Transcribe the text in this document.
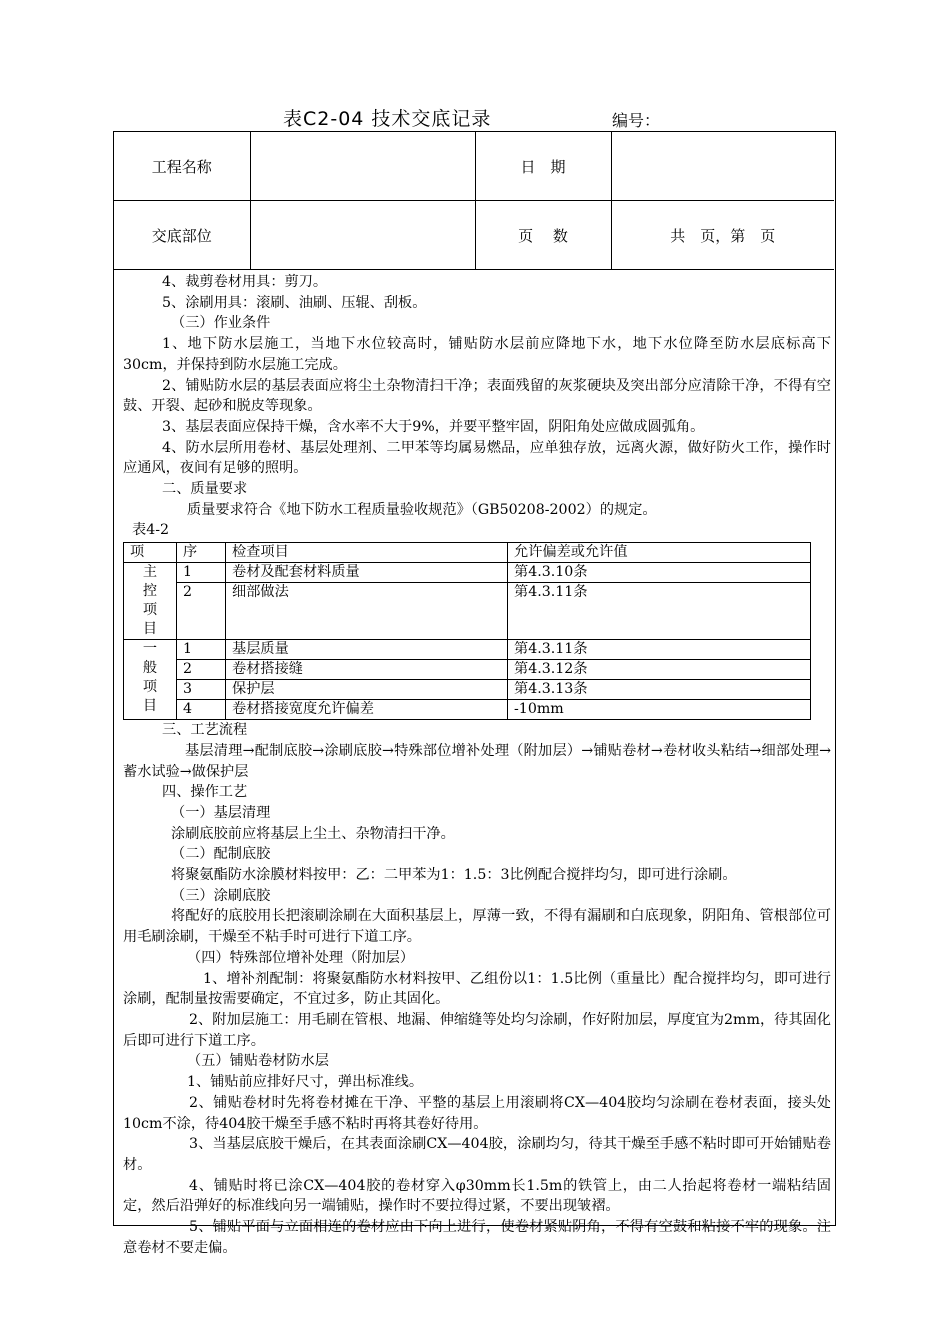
表C2-04 技术交底记录	编号：
工程名称		日　期	
交底部位		页　 数	共　页，第　页

4、裁剪卷材用具：剪刀。

5、涂刷用具：滚刷、油刷、压辊、刮板。

（三）作业条件

1、地下防水层施工，当地下水位较高时，铺贴防水层前应降地下水，地下水位降至防水层底标高下30cm，并保持到防水层施工完成。

2、铺贴防水层的基层表面应将尘土杂物清扫干净；表面残留的灰浆硬块及突出部分应清除干净，不得有空鼓、开裂、起砂和脱皮等现象。

3、基层表面应保持干燥，含水率不大于9%，并要平整牢固，阴阳角处应做成圆弧角。

4、防水层所用卷材、基层处理剂、二甲苯等均属易燃品，应单独存放，远离火源，做好防火工作，操作时应通风，夜间有足够的照明。

二、质量要求

质量要求符合《地下防水工程质量验收规范》（GB50208-2002）的规定。

表4-2

项	序	检查项目	允许偏差或允许值

主控项目	1	卷材及配套材料质量	第4.3.10条
	2	细部做法	第4.3.11条

一般项目	1	基层质量	第4.3.11条
	2	卷材搭接缝	第4.3.12条
	3	保护层	第4.3.13条
	4	卷材搭接宽度允许偏差	-10mm

三、工艺流程

基层清理→配制底胶→涂刷底胶→特殊部位增补处理（附加层）→铺贴卷材→卷材收头粘结→细部处理→蓄水试验→做保护层

四、操作工艺

（一）基层清理

涂刷底胶前应将基层上尘土、杂物清扫干净。

（二）配制底胶

将聚氨酯防水涂膜材料按甲：乙：二甲苯为1：1.5：3比例配合搅拌均匀，即可进行涂刷。

（三）涂刷底胶

将配好的底胶用长把滚刷涂刷在大面积基层上，厚薄一致，不得有漏刷和白底现象，阴阳角、管根部位可用毛刷涂刷，干燥至不粘手时可进行下道工序。

（四）特殊部位增补处理（附加层）

1、增补剂配制：将聚氨酯防水材料按甲、乙组份以1：1.5比例（重量比）配合搅拌均匀，即可进行涂刷，配制量按需要确定，不宜过多，防止其固化。

2、附加层施工：用毛刷在管根、地漏、伸缩缝等处均匀涂刷，作好附加层，厚度宜为2mm，待其固化后即可进行下道工序。

（五）铺贴卷材防水层

1、铺贴前应排好尺寸，弹出标准线。

2、铺贴卷材时先将卷材摊在干净、平整的基层上用滚刷将CX—404胶均匀涂刷在卷材表面，接头处10cm不涂，待404胶干燥至手感不粘时再将其卷好待用。

3、当基层底胶干燥后，在其表面涂刷CX—404胶，涂刷均匀，待其干燥至手感不粘时即可开始铺贴卷材。

4、铺贴时将已涂CX—404胶的卷材穿入φ30mm长1.5m的铁管上，由二人抬起将卷材一端粘结固定，然后沿弹好的标准线向另一端铺贴，操作时不要拉得过紧，不要出现皱褶。

5、铺贴平面与立面相连的卷材应由下向上进行，使卷材紧贴阴角，不得有空鼓和粘接不牢的现象。注意卷材不要走偏。
